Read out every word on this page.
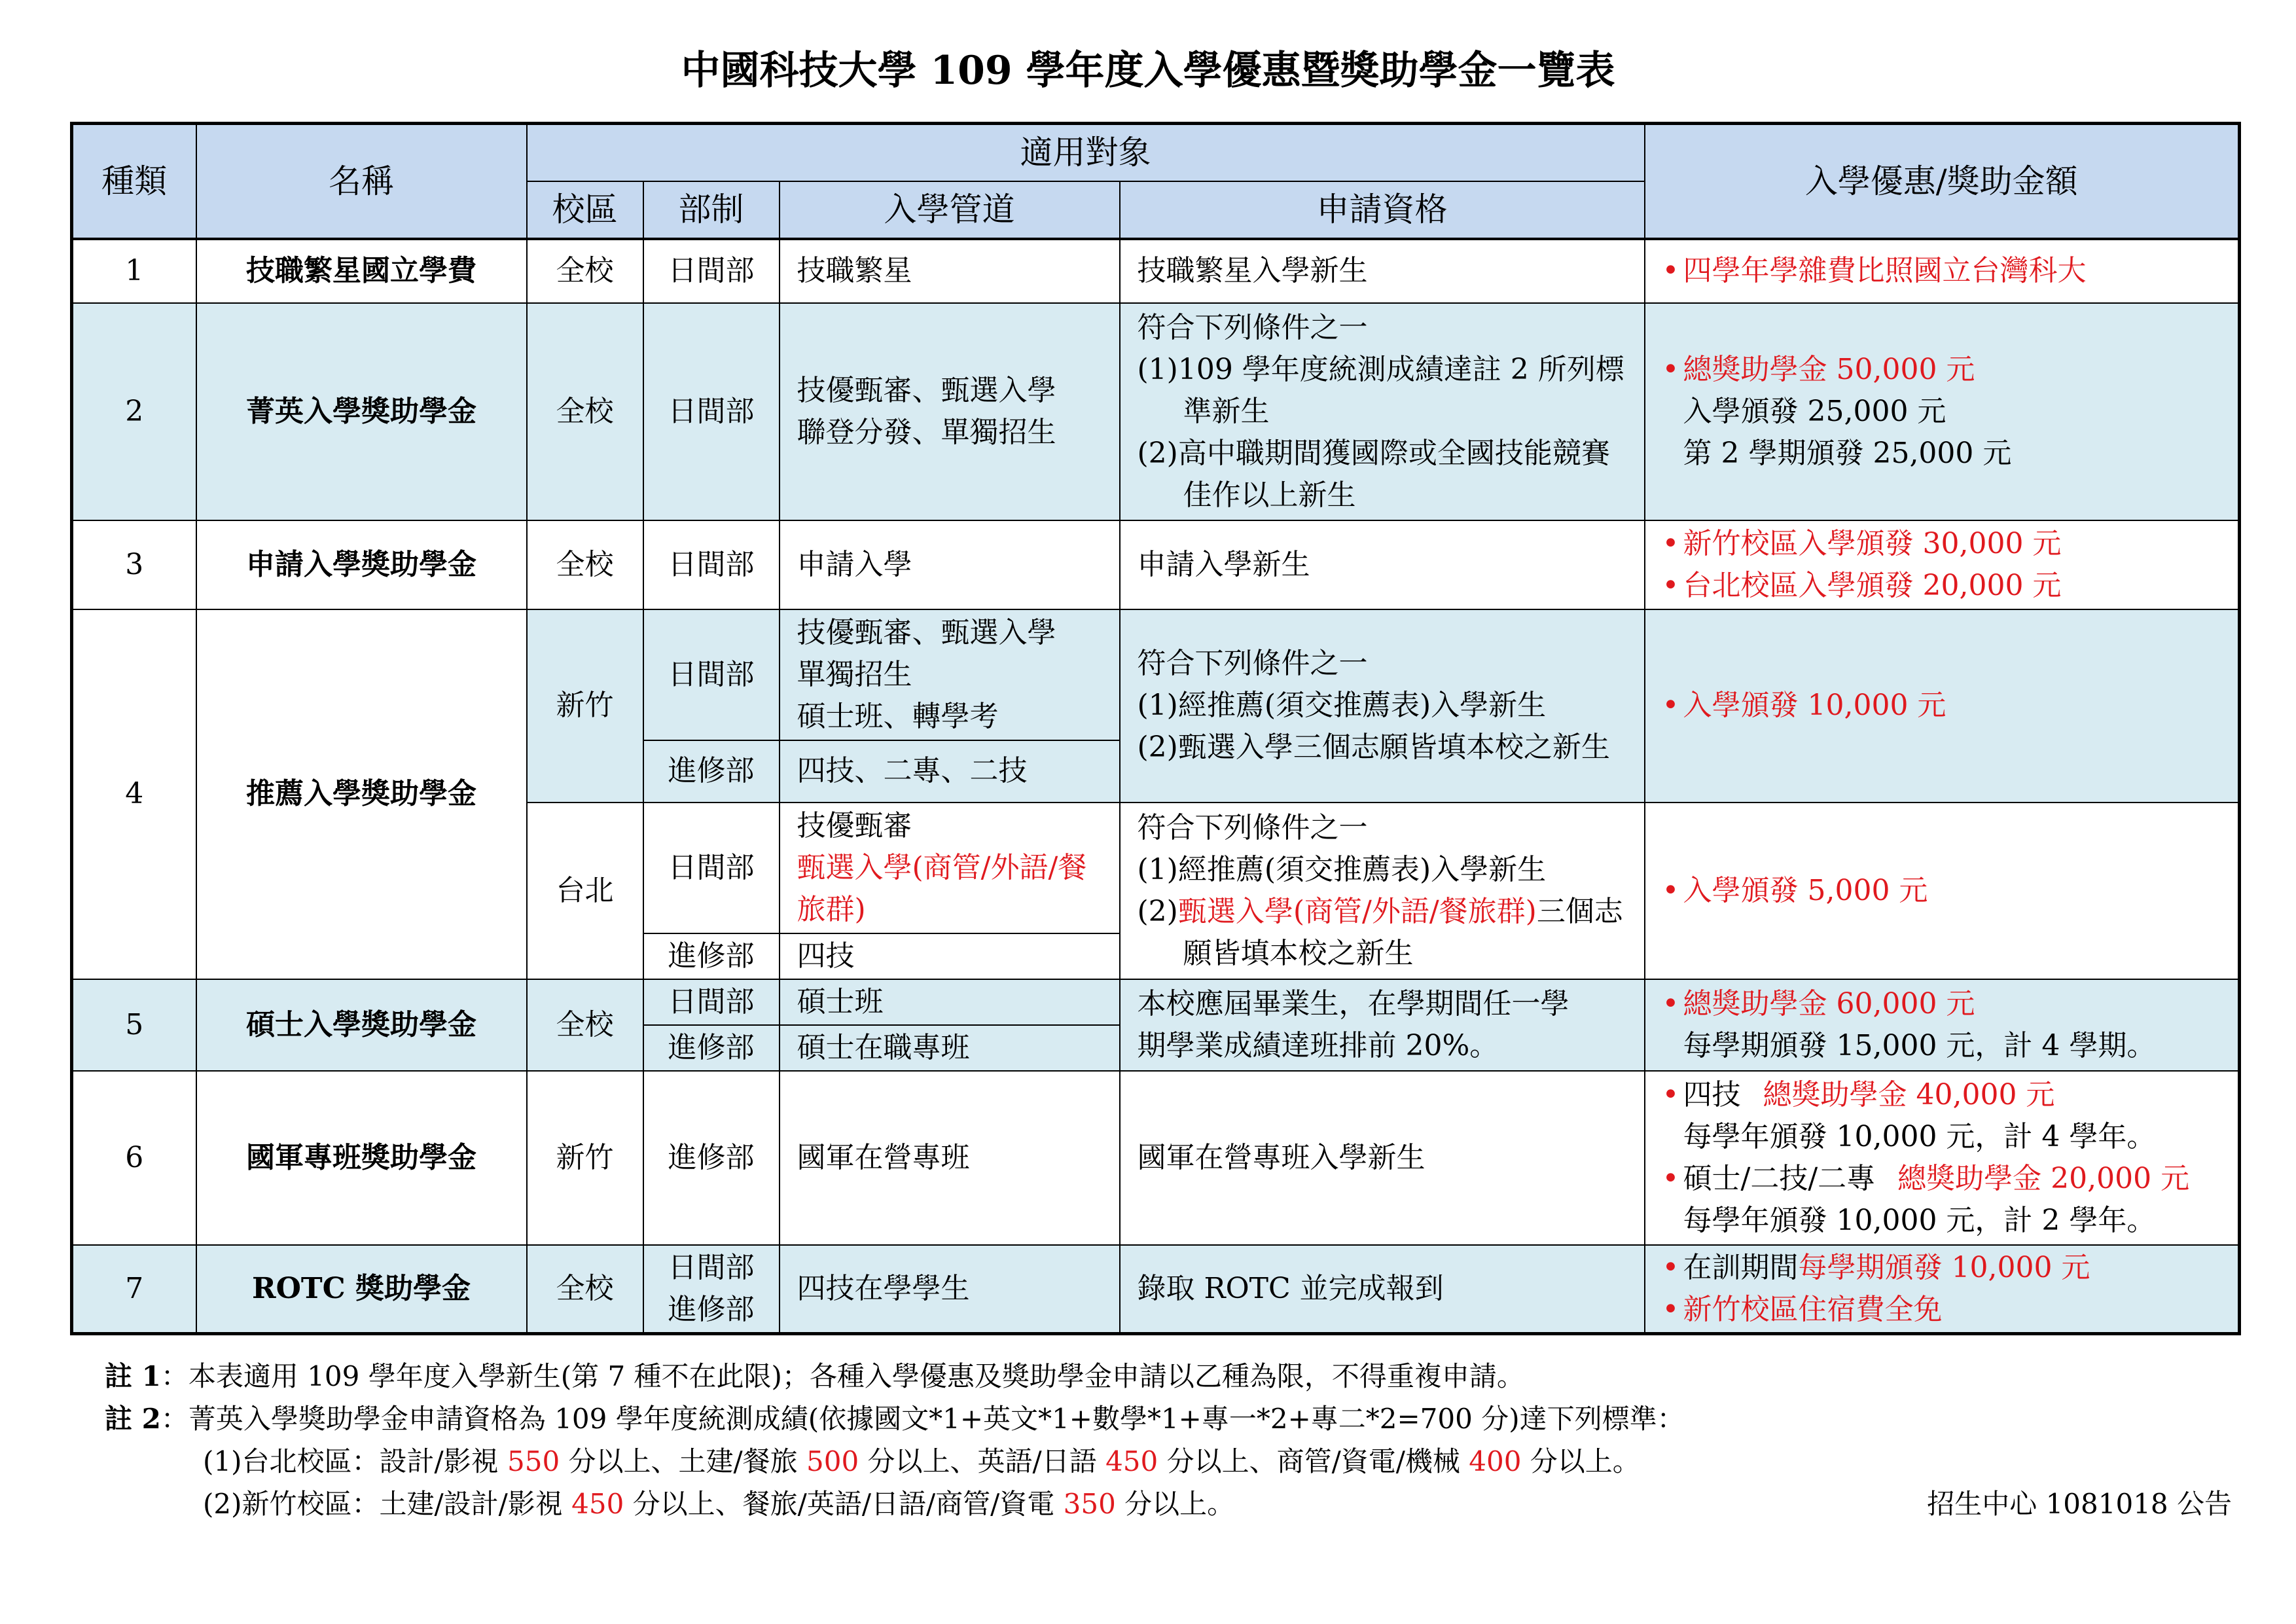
中國科技大學 109 學年度入學優惠暨獎助學金一覽表
種類	名稱	適用對象				入學優惠/獎助金額
		校區	部制	入學管道	申請資格	
1	技職繁星國立學費	全校	日間部	技職繁星	技職繁星入學新生	• 四學年學雜費比照國立台灣科大

2	菁英入學獎助學金	全校	日間部	技優甄審、甄選入學
聯登分發、單獨招生	符合下列條件之一
(1)109 學年度統測成績達註 2 所列標準新生
(2)高中職期間獲國際或全國技能競賽佳作以上新生	• 總獎助學金 50,000 元
入學頒發 25,000 元
第 2 學期頒發 25,000 元

3	申請入學獎助學金	全校	日間部	申請入學	申請入學新生	• 新竹校區入學頒發 30,000 元
• 台北校區入學頒發 20,000 元

4	推薦入學獎助學金	新竹	日間部	技優甄審、甄選入學
單獨招生
碩士班、轉學考	符合下列條件之一
(1)經推薦(須交推薦表)入學新生
(2)甄選入學三個志願皆填本校之新生	• 入學頒發 10,000 元

			進修部	四技、二專、二技		
		台北	日間部	技優甄審
甄選入學(商管/外語/餐旅群)	符合下列條件之一
(1)經推薦(須交推薦表)入學新生
(2)甄選入學(商管/外語/餐旅群)三個志願皆填本校之新生	• 入學頒發 5,000 元

			進修部	四技		
5	碩士入學獎助學金	全校	日間部	碩士班	本校應屆畢業生，在學期間任一學
期學業成績達班排前 20%。	• 總獎助學金 60,000 元
每學期頒發 15,000 元，計 4 學期。

			進修部	碩士在職專班		
6	國軍專班獎助學金	新竹	進修部	國軍在營專班	國軍在營專班入學新生	• 四技 總獎助學金 40,000 元
每學年頒發 10,000 元，計 4 學年。
• 碩士/二技/二專 總獎助學金 20,000 元
每學年頒發 10,000 元，計 2 學年。

7	ROTC 獎助學金	全校	日間部
進修部	四技在學學生	錄取 ROTC 並完成報到	• 在訓期間每學期頒發 10,000 元
• 新竹校區住宿費全免
註 1：本表適用 109 學年度入學新生(第 7 種不在此限)；各種入學優惠及獎助學金申請以乙種為限，不得重複申請。
註 2：菁英入學獎助學金申請資格為 109 學年度統測成績(依據國文*1+英文*1+數學*1+專一*2+專二*2=700 分)達下列標準：
(1)台北校區：設計/影視 550 分以上、土建/餐旅 500 分以上、英語/日語 450 分以上、商管/資電/機械 400 分以上。
(2)新竹校區：土建/設計/影視 450 分以上、餐旅/英語/日語/商管/資電 350 分以上。	招生中心 1081018 公告
